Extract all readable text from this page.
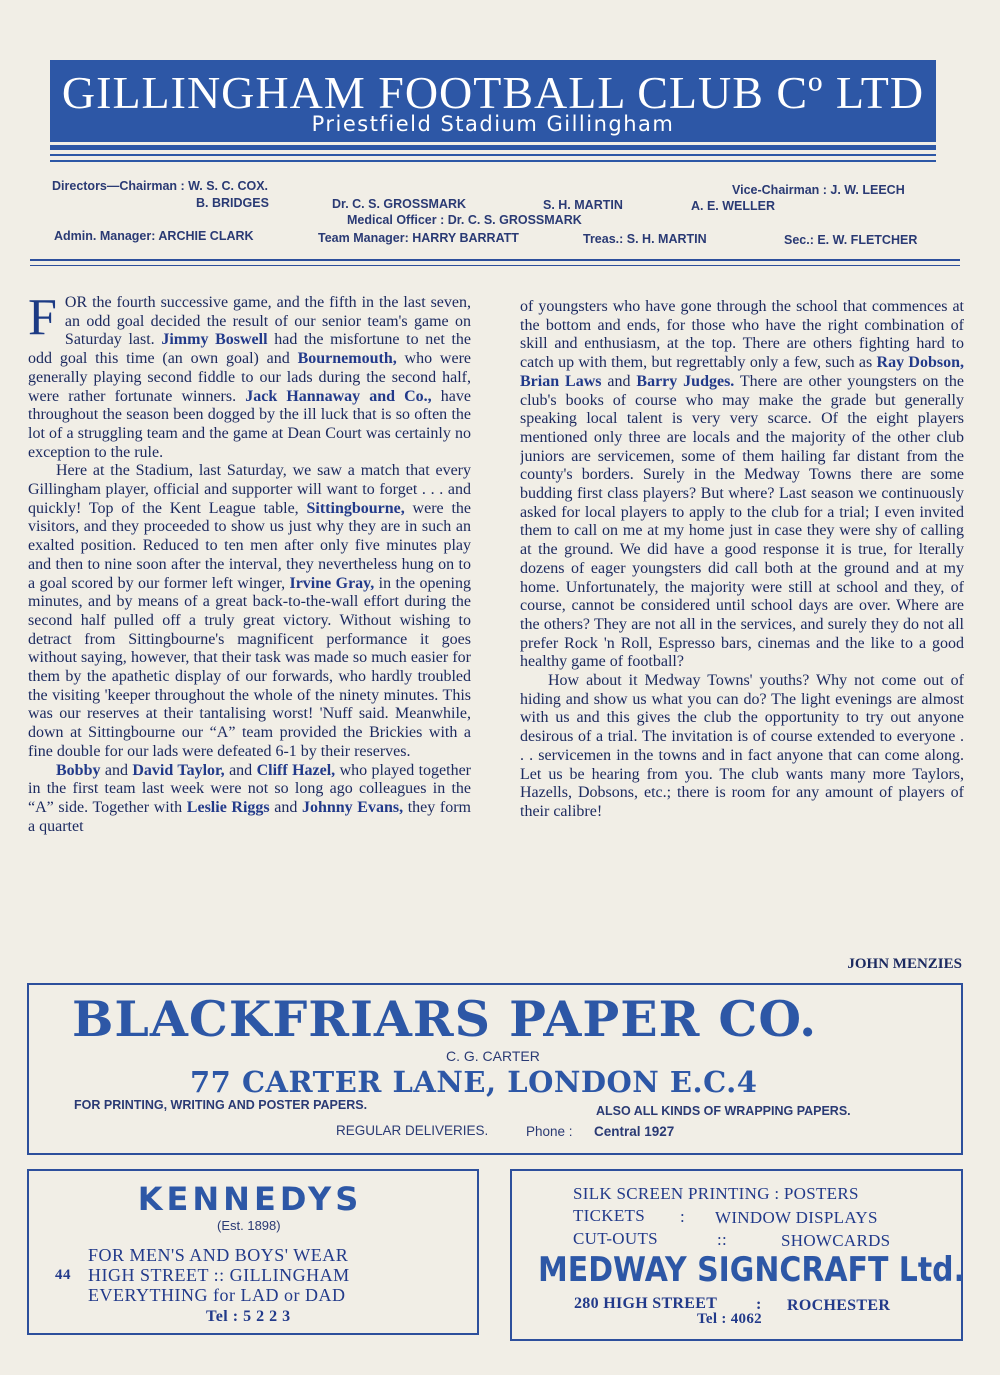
GILLINGHAM FOOTBALL CLUB Cº LTD
Priestfield Stadium Gillingham
Directors—Chairman : W. S. C. COX.	Vice-Chairman : J. W. LEECH
B. BRIDGES	Dr. C. S. GROSSMARK	S. H. MARTIN	A. E. WELLER
Medical Officer : Dr. C. S. GROSSMARK
Admin. Manager: ARCHIE CLARK	Team Manager: HARRY BARRATT	Treas.: S. H. MARTIN	Sec.: E. W. FLETCHER

FOR the fourth successive game, and the fifth in the last seven, an odd goal decided the result of our senior team's game on Saturday last. Jimmy Boswell had the misfortune to net the odd goal this time (an own goal) and Bournemouth, who were generally playing second fiddle to our lads during the second half, were rather fortunate winners. Jack Hannaway and Co., have throughout the season been dogged by the ill luck that is so often the lot of a struggling team and the game at Dean Court was certainly no exception to the rule.

Here at the Stadium, last Saturday, we saw a match that every Gillingham player, official and supporter will want to forget . . . and quickly! Top of the Kent League table, Sittingbourne, were the visitors, and they proceeded to show us just why they are in such an exalted position. Reduced to ten men after only five minutes play and then to nine soon after the interval, they nevertheless hung on to a goal scored by our former left winger, Irvine Gray, in the opening minutes, and by means of a great back-to-the-wall effort during the second half pulled off a truly great victory. Without wishing to detract from Sittingbourne's magnificent performance it goes without saying, however, that their task was made so much easier for them by the apathetic display of our forwards, who hardly troubled the visiting 'keeper throughout the whole of the ninety minutes. This was our reserves at their tantalising worst! 'Nuff said. Meanwhile, down at Sittingbourne our “A” team provided the Brickies with a fine double for our lads were defeated 6-1 by their reserves.

Bobby and David Taylor, and Cliff Hazel, who played together in the first team last week were not so long ago colleagues in the “A” side. Together with Leslie Riggs and Johnny Evans, they form a quartet

of youngsters who have gone through the school that commences at the bottom and ends, for those who have the right combination of skill and enthusiasm, at the top. There are others fighting hard to catch up with them, but regrettably only a few, such as Ray Dobson, Brian Laws and Barry Judges. There are other youngsters on the club's books of course who may make the grade but generally speaking local talent is very very scarce. Of the eight players mentioned only three are locals and the majority of the other club juniors are servicemen, some of them hailing far distant from the county's borders. Surely in the Medway Towns there are some budding first class players? But where? Last season we continuously asked for local players to apply to the club for a trial; I even invited them to call on me at my home just in case they were shy of calling at the ground. We did have a good response it is true, for lterally dozens of eager youngsters did call both at the ground and at my home. Unfortunately, the majority were still at school and they, of course, cannot be considered until school days are over. Where are the others? They are not all in the services, and surely they do not all prefer Rock 'n Roll, Espresso bars, cinemas and the like to a good healthy game of football?

How about it Medway Towns' youths? Why not come out of hiding and show us what you can do? The light evenings are almost with us and this gives the club the opportunity to try out anyone desirous of a trial. The invitation is of course extended to everyone . . . servicemen in the towns and in fact anyone that can come along. Let us be hearing from you. The club wants many more Taylors, Hazells, Dobsons, etc.; there is room for any amount of players of their calibre!

JOHN MENZIES
BLACKFRIARS PAPER CO.
C. G. CARTER
77 CARTER LANE, LONDON E.C.4
FOR PRINTING, WRITING AND POSTER PAPERS.	ALSO ALL KINDS OF WRAPPING PAPERS.
REGULAR DELIVERIES.	Phone : Central 1927
KENNEDYS
(Est. 1898)
FOR MEN'S AND BOYS' WEAR
44 HIGH STREET :: GILLINGHAM
EVERYTHING for LAD or DAD
Tel : 5 2 2 3
SILK SCREEN PRINTING : POSTERS
TICKETS : WINDOW DISPLAYS
CUT-OUTS	::	SHOWCARDS
MEDWAY SIGNCRAFT Ltd.
280 HIGH STREET : ROCHESTER
Tel : 4062
